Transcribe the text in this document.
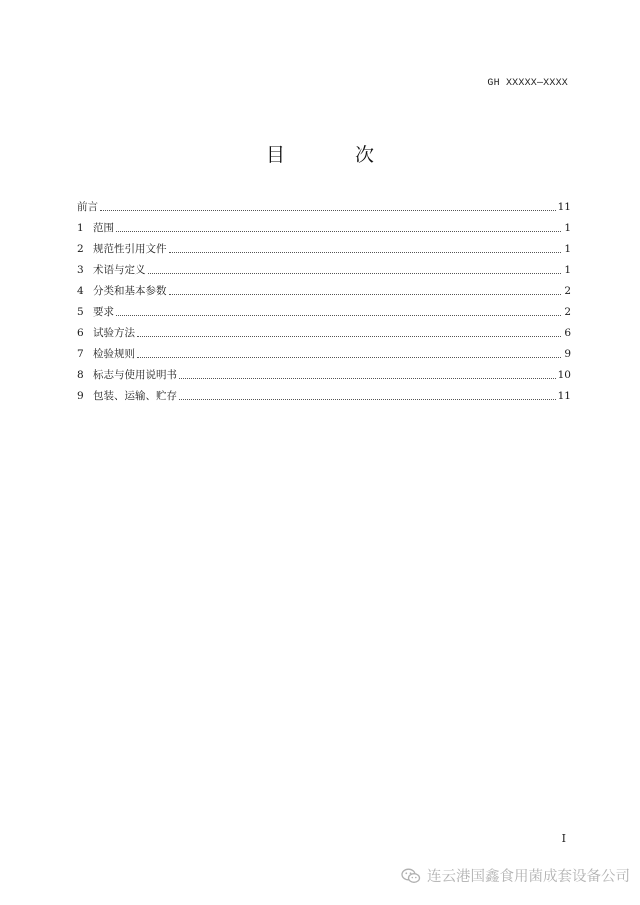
GH XXXXX—XXXX
目 次
前言	11
1 范围	1
2 规范性引用文件	1
3 术语与定义	1
4 分类和基本参数	2
5 要求	2
6 试验方法	6
7 检验规则	9
8 标志与使用说明书	10
9 包装、运输、贮存	11
I
连云港国鑫食用菌成套设备公司
